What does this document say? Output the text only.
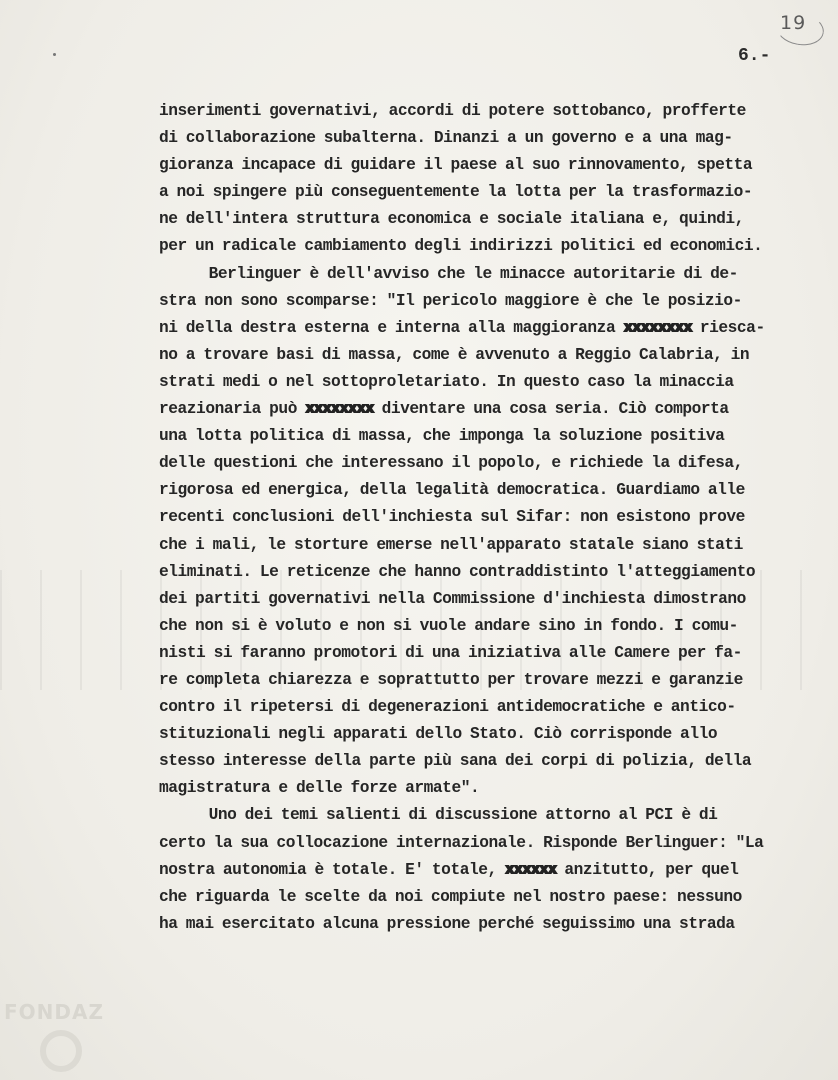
19
6.-
inserimenti governativi, accordi di potere sottobanco, profferte
di collaborazione subalterna. Dinanzi a un governo e a una mag-
gioranza incapace di guidare il paese al suo rinnovamento, spetta
a noi spingere più conseguentemente la lotta per la trasformazio-
ne dell'intera struttura economica e sociale italiana e, quindi,
per un radicale cambiamento degli indirizzi politici ed economici.
Berlinguer è dell'avviso che le minacce autoritarie di de-
stra non sono scomparse: "Il pericolo maggiore è che le posizio-
ni della destra esterna e interna alla maggioranza xxxxxxxx riesca-
no a trovare basi di massa, come è avvenuto a Reggio Calabria, in
strati medi o nel sottoproletariato. In questo caso la minaccia
reazionaria può xxxxxxxx diventare una cosa seria. Ciò comporta
una lotta politica di massa, che imponga la soluzione positiva
delle questioni che interessano il popolo, e richiede la difesa,
rigorosa ed energica, della legalità democratica. Guardiamo alle
recenti conclusioni dell'inchiesta sul Sifar: non esistono prove
che i mali, le storture emerse nell'apparato statale siano stati
eliminati. Le reticenze che hanno contraddistinto l'atteggiamento
dei partiti governativi nella Commissione d'inchiesta dimostrano
che non si è voluto e non si vuole andare sino in fondo. I comu-
nisti si faranno promotori di una iniziativa alle Camere per fa-
re completa chiarezza e soprattutto per trovare mezzi e garanzie
contro il ripetersi di degenerazioni antidemocratiche e antico-
stituzionali negli apparati dello Stato. Ciò corrisponde allo
stesso interesse della parte più sana dei corpi di polizia, della
magistratura e delle forze armate".
Uno dei temi salienti di discussione attorno al PCI è di
certo la sua collocazione internazionale. Risponde Berlinguer: "La
nostra autonomia è totale. E' totale, xxxxxx anzitutto, per quel
che riguarda le scelte da noi compiute nel nostro paese: nessuno
ha mai esercitato alcuna pressione perché seguissimo una strada
FONDAZ
